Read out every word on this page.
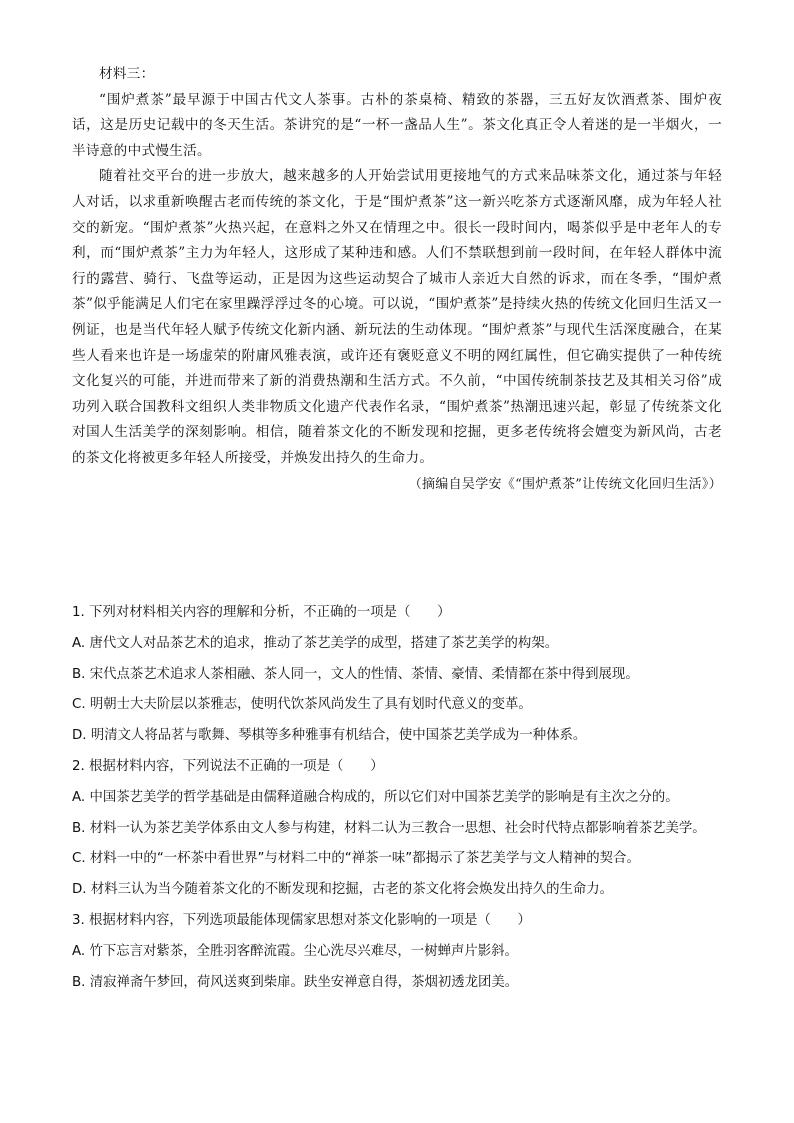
材料三：

“围炉煮茶”最早源于中国古代文人茶事。古朴的茶桌椅、精致的茶器，三五好友饮酒煮茶、围炉夜话，这是历史记载中的冬天生活。茶讲究的是“一杯一盏品人生”。茶文化真正令人着迷的是一半烟火，一半诗意的中式慢生活。

随着社交平台的进一步放大，越来越多的人开始尝试用更接地气的方式来品味茶文化，通过茶与年轻人对话，以求重新唤醒古老而传统的茶文化，于是“围炉煮茶”这一新兴吃茶方式逐渐风靡，成为年轻人社交的新宠。“围炉煮茶”火热兴起，在意料之外又在情理之中。很长一段时间内，喝茶似乎是中老年人的专利，而“围炉煮茶”主力为年轻人，这形成了某种违和感。人们不禁联想到前一段时间，在年轻人群体中流行的露营、骑行、飞盘等运动，正是因为这些运动契合了城市人亲近大自然的诉求，而在冬季，“围炉煮茶”似乎能满足人们宅在家里躁浮浮过冬的心境。可以说，“围炉煮茶”是持续火热的传统文化回归生活又一例证，也是当代年轻人赋予传统文化新内涵、新玩法的生动体现。“围炉煮茶”与现代生活深度融合，在某些人看来也许是一场虚荣的附庸风雅表演，或许还有褒贬意义不明的网红属性，但它确实提供了一种传统文化复兴的可能，并进而带来了新的消费热潮和生活方式。不久前，“中国传统制茶技艺及其相关习俗”成功列入联合国教科文组织人类非物质文化遗产代表作名录，“围炉煮茶”热潮迅速兴起，彰显了传统茶文化对国人生活美学的深刻影响。相信，随着茶文化的不断发现和挖掘，更多老传统将会嬗变为新风尚，古老的茶文化将被更多年轻人所接受，并焕发出持久的生命力。

（摘编自吴学安《“围炉煮茶”让传统文化回归生活》）

1. 下列对材料相关内容的理解和分析，不正确的一项是（　　）

A. 唐代文人对品茶艺术的追求，推动了茶艺美学的成型，搭建了茶艺美学的构架。

B. 宋代点茶艺术追求人茶相融、茶人同一，文人的性情、茶情、豪情、柔情都在茶中得到展现。

C. 明朝士大夫阶层以茶雅志，使明代饮茶风尚发生了具有划时代意义的变革。

D. 明清文人将品茗与歌舞、琴棋等多种雅事有机结合，使中国茶艺美学成为一种体系。

2. 根据材料内容，下列说法不正确的一项是（　　）

A. 中国茶艺美学的哲学基础是由儒释道融合构成的，所以它们对中国茶艺美学的影响是有主次之分的。

B. 材料一认为茶艺美学体系由文人参与构建，材料二认为三教合一思想、社会时代特点都影响着茶艺美学。

C. 材料一中的“一杯茶中看世界”与材料二中的“禅茶一味”都揭示了茶艺美学与文人精神的契合。

D. 材料三认为当今随着茶文化的不断发现和挖掘，古老的茶文化将会焕发出持久的生命力。

3. 根据材料内容，下列选项最能体现儒家思想对茶文化影响的一项是（　　）

A. 竹下忘言对紫茶，全胜羽客醉流霞。尘心洗尽兴难尽，一树蝉声片影斜。

B. 清寂禅斋午梦回，荷风送爽到柴扉。趺坐安禅意自得，茶烟初透龙团美。
